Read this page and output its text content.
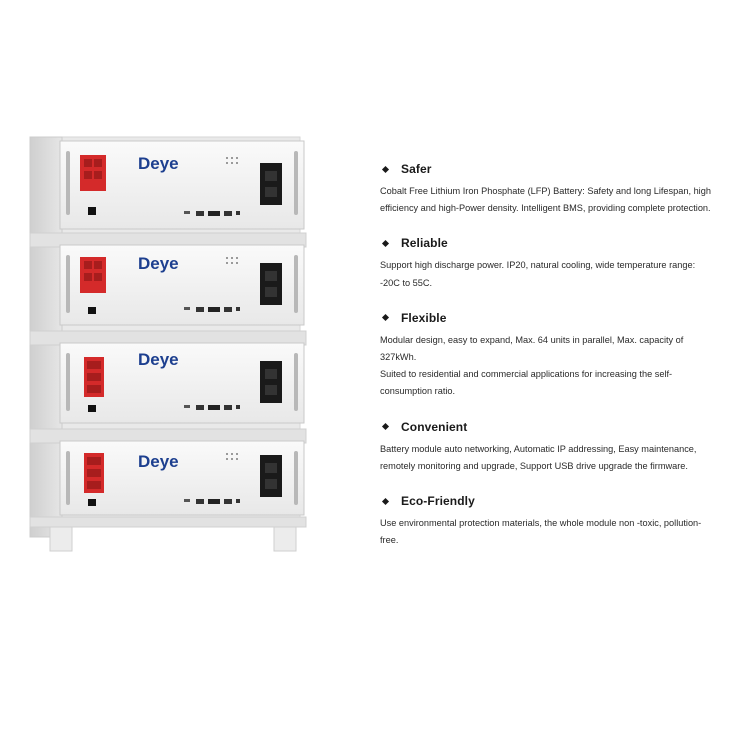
Deye
Deye
Deye
Deye
Safer

Cobalt Free Lithium Iron Phosphate (LFP) Battery: Safety and long Lifespan, high efficiency and high-Power density. Intelligent BMS, providing complete protection.

Reliable

Support high discharge power. IP20, natural cooling, wide temperature range: -20C to 55C.

Flexible

Modular design, easy to expand, Max. 64 units in parallel, Max. capacity of 327kWh.

Suited to residential and commercial applications for increasing the self-consumption ratio.

Convenient

Battery module auto networking, Automatic IP addressing, Easy maintenance, remotely monitoring and upgrade, Support USB drive upgrade the firmware.

Eco-Friendly

Use environmental protection materials, the whole module non -toxic, pollution-free.
